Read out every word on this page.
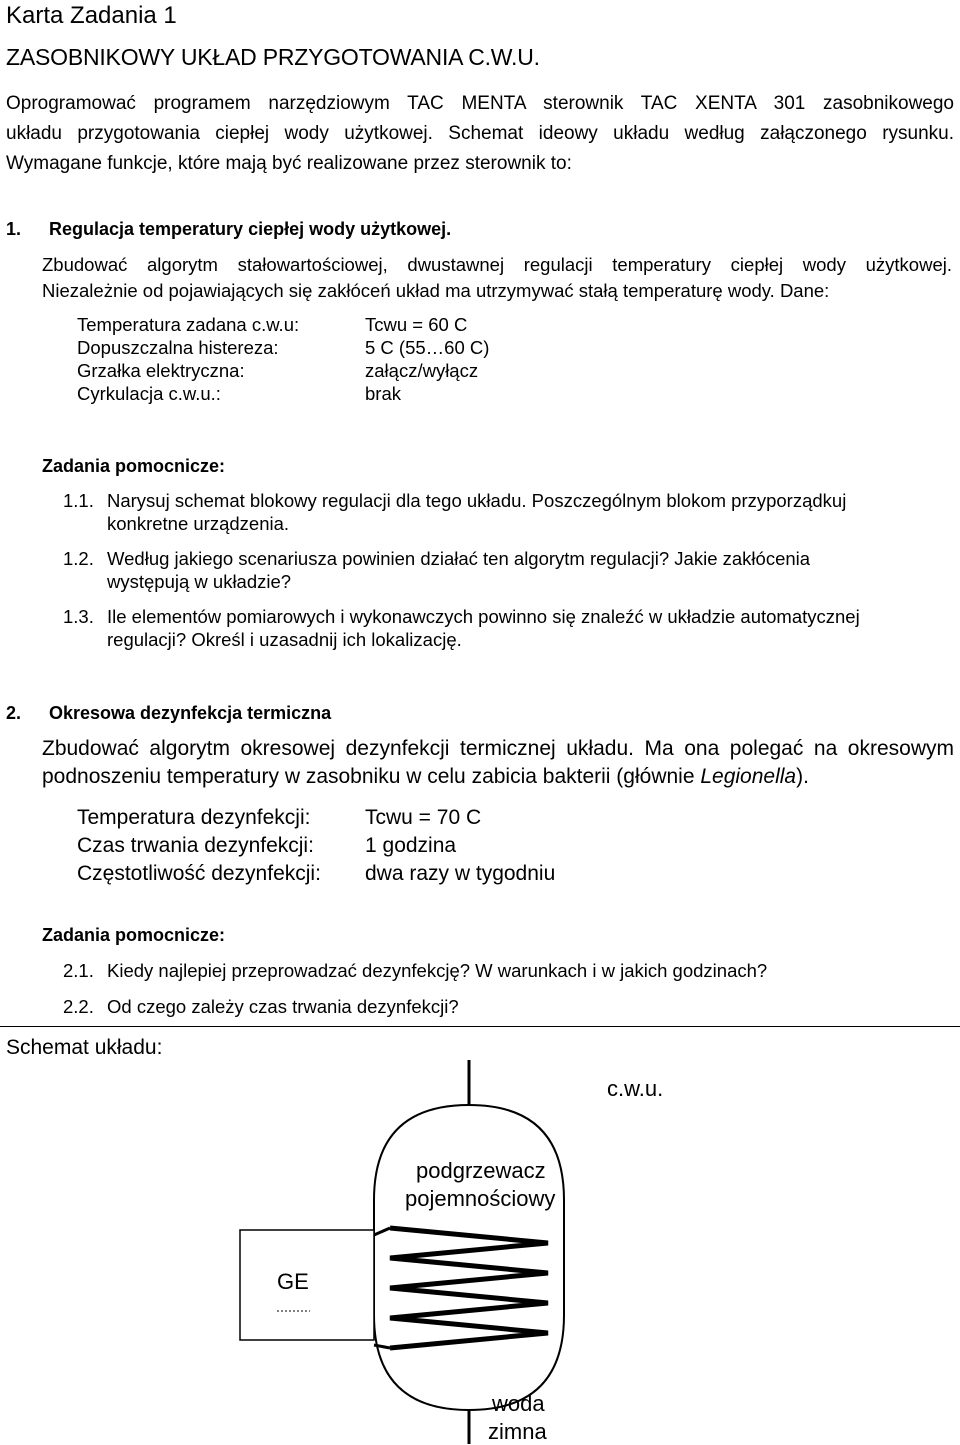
Karta Zadania 1
ZASOBNIKOWY UKŁAD PRZYGOTOWANIA C.W.U.
Oprogramować programem narzędziowym TAC MENTA sterownik TAC XENTA 301 zasobnikowego
układu przygotowania ciepłej wody użytkowej. Schemat ideowy układu według załączonego rysunku.
Wymagane funkcje, które mają być realizowane przez sterownik to:
1. Regulacja temperatury ciepłej wody użytkowej.
Zbudować algorytm stałowartościowej, dwustawnej regulacji temperatury ciepłej wody użytkowej.
Niezależnie od pojawiających się zakłóceń układ ma utrzymywać stałą temperaturę wody. Dane:
Temperatura zadana c.w.u:	Tcwu = 60 C
Dopuszczalna histereza:	5 C (55…60 C)
Grzałka elektryczna:	załącz/wyłącz
Cyrkulacja c.w.u.:	brak
Zadania pomocnicze:
1.1. Narysuj schemat blokowy regulacji dla tego układu. Poszczególnym blokom przyporządkuj
konkretne urządzenia.
1.2. Według jakiego scenariusza powinien działać ten algorytm regulacji? Jakie zakłócenia
występują w układzie?
1.3. Ile elementów pomiarowych i wykonawczych powinno się znaleźć w układzie automatycznej
regulacji? Określ i uzasadnij ich lokalizację.
2. Okresowa dezynfekcja termiczna
Zbudować algorytm okresowej dezynfekcji termicznej układu. Ma ona polegać na okresowym
podnoszeniu temperatury w zasobniku w celu zabicia bakterii (głównie Legionella).
Temperatura dezynfekcji:	Tcwu = 70 C
Czas trwania dezynfekcji: 1 godzina
Częstotliwość dezynfekcji: dwa razy w tygodniu
Zadania pomocnicze:
2.1. Kiedy najlepiej przeprowadzać dezynfekcję? W warunkach i w jakich godzinach?
2.2. Od czego zależy czas trwania dezynfekcji?
Schemat układu:
c.w.u.
podgrzewacz
pojemnościowy
GE
woda
zimna
